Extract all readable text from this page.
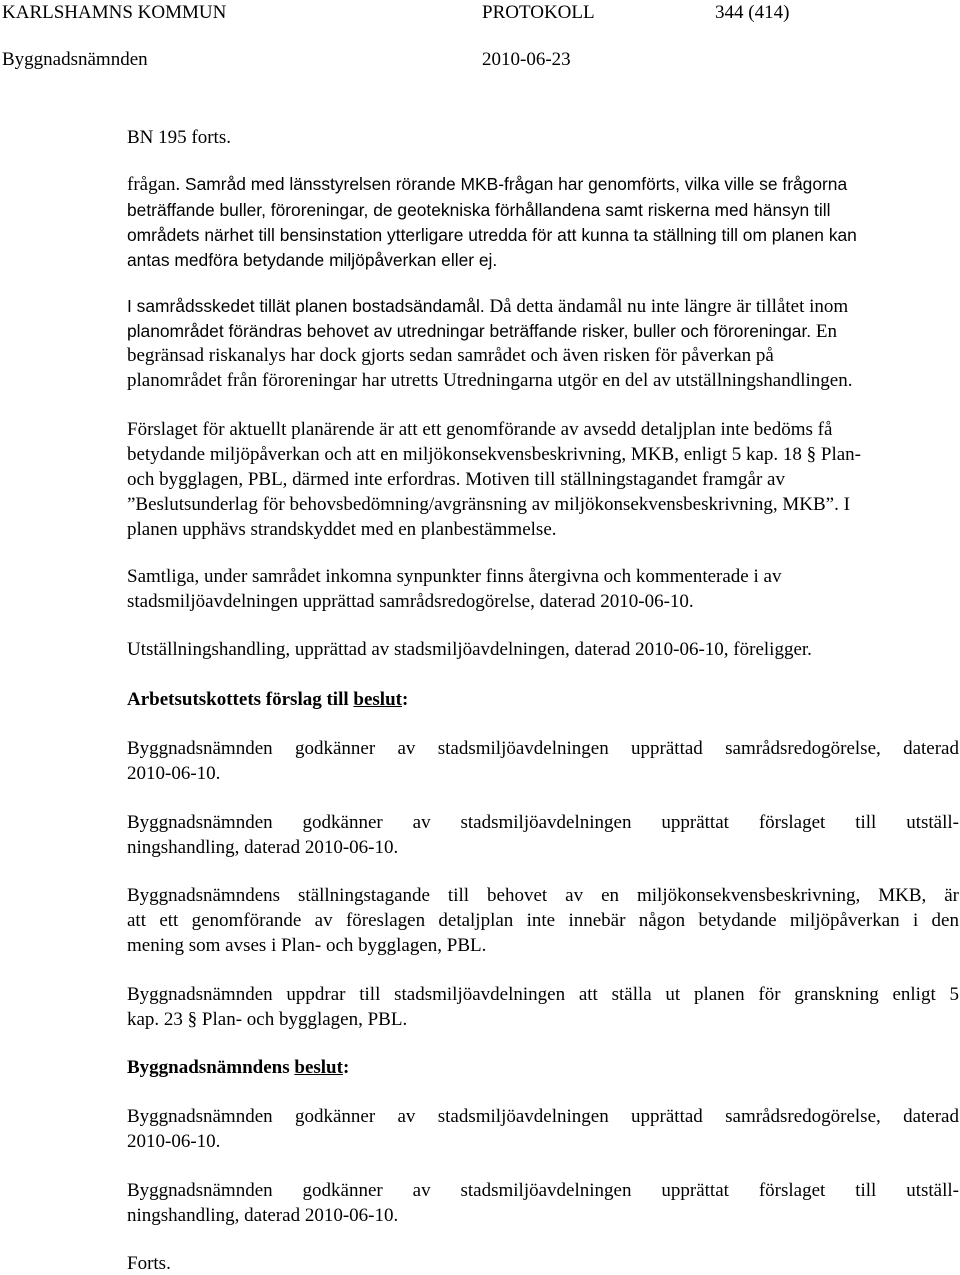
KARLSHAMNS KOMMUN	PROTOKOLL	344 (414)
Byggnadsnämnden	2010-06-23
BN 195 forts.
frågan. Samråd med länsstyrelsen rörande MKB-frågan har genomförts, vilka ville se frågorna
beträffande buller, föroreningar, de geotekniska förhållandena samt riskerna med hänsyn till
områdets närhet till bensinstation ytterligare utredda för att kunna ta ställning till om planen kan
antas medföra betydande miljöpåverkan eller ej.
I samrådsskedet tillät planen bostadsändamål. Då detta ändamål nu inte längre är tillåtet inom
planområdet förändras behovet av utredningar beträffande risker, buller och föroreningar. En
begränsad riskanalys har dock gjorts sedan samrådet och även risken för påverkan på
planområdet från föroreningar har utretts Utredningarna utgör en del av utställningshandlingen.
Förslaget för aktuellt planärende är att ett genomförande av avsedd detaljplan inte bedöms få
betydande miljöpåverkan och att en miljökonsekvensbeskrivning, MKB, enligt 5 kap. 18 § Plan-
och bygglagen, PBL, därmed inte erfordras. Motiven till ställningstagandet framgår av
”Beslutsunderlag för behovsbedömning/avgränsning av miljökonsekvensbeskrivning, MKB”. I
planen upphävs strandskyddet med en planbestämmelse.
Samtliga, under samrådet inkomna synpunkter finns återgivna och kommenterade i av
stadsmiljöavdelningen upprättad samrådsredogörelse, daterad 2010-06-10.
Utställningshandling, upprättad av stadsmiljöavdelningen, daterad 2010-06-10, föreligger.
Arbetsutskottets förslag till beslut:
Byggnadsnämnden godkänner av stadsmiljöavdelningen upprättad samrådsredogörelse, daterad
2010-06-10.
Byggnadsnämnden godkänner av stadsmiljöavdelningen upprättat förslaget till utställ-
ningshandling, daterad 2010-06-10.
Byggnadsnämndens ställningstagande till behovet av en miljökonsekvensbeskrivning, MKB, är
att ett genomförande av föreslagen detaljplan inte innebär någon betydande miljöpåverkan i den
mening som avses i Plan- och bygglagen, PBL.
Byggnadsnämnden uppdrar till stadsmiljöavdelningen att ställa ut planen för granskning enligt 5
kap. 23 § Plan- och bygglagen, PBL.
Byggnadsnämndens beslut:
Byggnadsnämnden godkänner av stadsmiljöavdelningen upprättad samrådsredogörelse, daterad
2010-06-10.
Byggnadsnämnden godkänner av stadsmiljöavdelningen upprättat förslaget till utställ-
ningshandling, daterad 2010-06-10.
Forts.
